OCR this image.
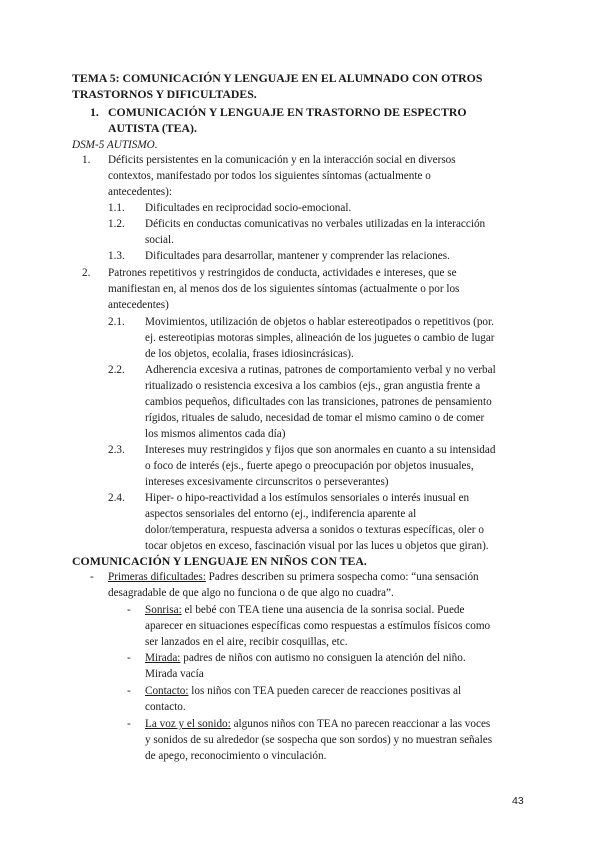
TEMA 5: COMUNICACIÓN Y LENGUAJE EN EL ALUMNADO CON OTROS
TRASTORNOS Y DIFICULTADES.
1. COMUNICACIÓN Y LENGUAJE EN TRASTORNO DE ESPECTRO
AUTISTA (TEA).
DSM-5 AUTISMO.
1. Déficits persistentes en la comunicación y en la interacción social en diversos
contextos, manifestado por todos los siguientes síntomas (actualmente o
antecedentes):
1.1. Dificultades en reciprocidad socio-emocional.
1.2. Déficits en conductas comunicativas no verbales utilizadas en la interacción
social.
1.3. Dificultades para desarrollar, mantener y comprender las relaciones.
2. Patrones repetitivos y restringidos de conducta, actividades e intereses, que se
manifiestan en, al menos dos de los siguientes síntomas (actualmente o por los
antecedentes)
2.1. Movimientos, utilización de objetos o hablar estereotipados o repetitivos (por.
ej. estereotipias motoras simples, alineación de los juguetes o cambio de lugar
de los objetos, ecolalia, frases idiosincrásicas).
2.2. Adherencia excesiva a rutinas, patrones de comportamiento verbal y no verbal
ritualizado o resistencia excesiva a los cambios (ejs., gran angustia frente a
cambios pequeños, dificultades con las transiciones, patrones de pensamiento
rígidos, rituales de saludo, necesidad de tomar el mismo camino o de comer
los mismos alimentos cada día)
2.3. Intereses muy restringidos y fijos que son anormales en cuanto a su intensidad
o foco de interés (ejs., fuerte apego o preocupación por objetos inusuales,
intereses excesivamente circunscritos o perseverantes)
2.4. Hiper- o hipo-reactividad a los estímulos sensoriales o interés inusual en
aspectos sensoriales del entorno (ej., indiferencia aparente al
dolor/temperatura, respuesta adversa a sonidos o texturas específicas, oler o
tocar objetos en exceso, fascinación visual por las luces u objetos que giran).
COMUNICACIÓN Y LENGUAJE EN NIÑOS CON TEA.
- Primeras dificultades: Padres describen su primera sospecha como: “una sensación
desagradable de que algo no funciona o de que algo no cuadra”.
- Sonrisa: el bebé con TEA tiene una ausencia de la sonrisa social. Puede
aparecer en situaciones específicas como respuestas a estímulos físicos como
ser lanzados en el aire, recibir cosquillas, etc.
- Mirada: padres de niños con autismo no consiguen la atención del niño.
Mirada vacía
- Contacto: los niños con TEA pueden carecer de reacciones positivas al
contacto.
- La voz y el sonido: algunos niños con TEA no parecen reaccionar a las voces
y sonidos de su alrededor (se sospecha que son sordos) y no muestran señales
de apego, reconocimiento o vinculación.
43
